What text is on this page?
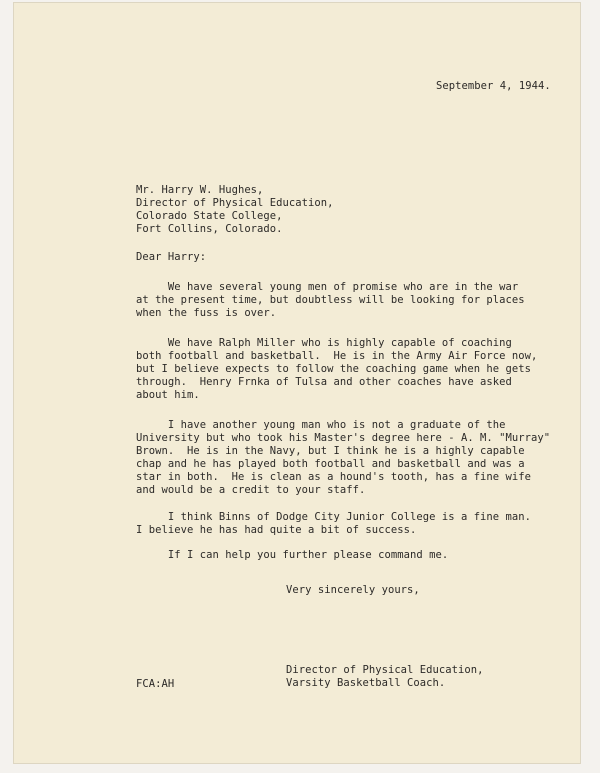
September 4, 1944.
Mr. Harry W. Hughes,
Director of Physical Education,
Colorado State College,
Fort Collins, Colorado.
Dear Harry:
We have several young men of promise who are in the war
at the present time, but doubtless will be looking for places
when the fuss is over.
We have Ralph Miller who is highly capable of coaching
both football and basketball.  He is in the Army Air Force now,
but I believe expects to follow the coaching game when he gets
through.  Henry Frnka of Tulsa and other coaches have asked
about him.
I have another young man who is not a graduate of the
University but who took his Master's degree here - A. M. "Murray"
Brown.  He is in the Navy, but I think he is a highly capable
chap and he has played both football and basketball and was a
star in both.  He is clean as a hound's tooth, has a fine wife
and would be a credit to your staff.
I think Binns of Dodge City Junior College is a fine man.
I believe he has had quite a bit of success.
If I can help you further please command me.
Very sincerely yours,
Director of Physical Education,
Varsity Basketball Coach.
FCA:AH
